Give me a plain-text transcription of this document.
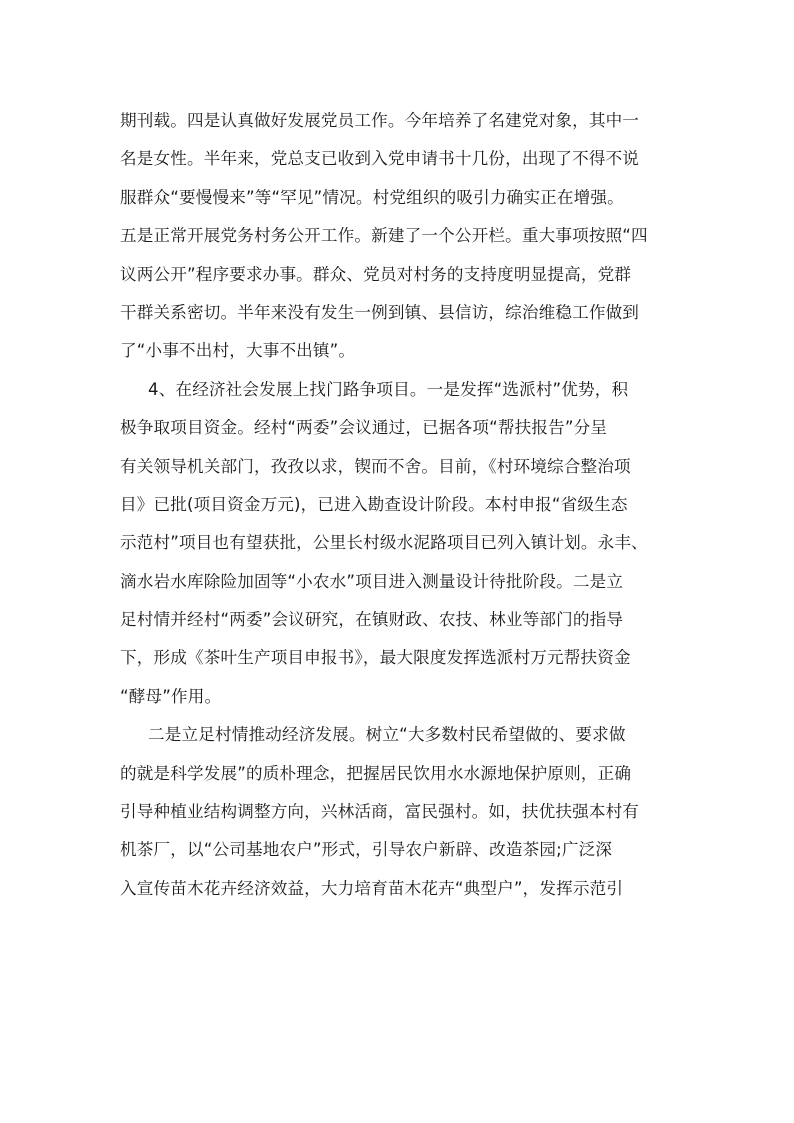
期刊载。四是认真做好发展党员工作。今年培养了名建党对象，其中一
名是女性。半年来，党总支已收到入党申请书十几份，出现了不得不说
服群众“要慢慢来”等“罕见”情况。村党组织的吸引力确实正在增强。
五是正常开展党务村务公开工作。新建了一个公开栏。重大事项按照“四
议两公开”程序要求办事。群众、党员对村务的支持度明显提高，党群
干群关系密切。半年来没有发生一例到镇、县信访，综治维稳工作做到
了“小事不出村，大事不出镇”。
4、在经济社会发展上找门路争项目。一是发挥“选派村”优势，积
极争取项目资金。经村“两委”会议通过，已据各项“帮扶报告”分呈
有关领导机关部门，孜孜以求，锲而不舍。目前，《村环境综合整治项
目》已批(项目资金万元)，已进入勘查设计阶段。本村申报“省级生态
示范村”项目也有望获批，公里长村级水泥路项目已列入镇计划。永丰、
滴水岩水库除险加固等“小农水”项目进入测量设计待批阶段。二是立
足村情并经村“两委”会议研究，在镇财政、农技、林业等部门的指导
下，形成《茶叶生产项目申报书》，最大限度发挥选派村万元帮扶资金
“酵母”作用。
二是立足村情推动经济发展。树立“大多数村民希望做的、要求做
的就是科学发展”的质朴理念，把握居民饮用水水源地保护原则，正确
引导种植业结构调整方向，兴林活商，富民强村。如，扶优扶强本村有
机茶厂，以“公司基地农户”形式，引导农户新辟、改造茶园;广泛深
入宣传苗木花卉经济效益，大力培育苗木花卉“典型户”，发挥示范引
